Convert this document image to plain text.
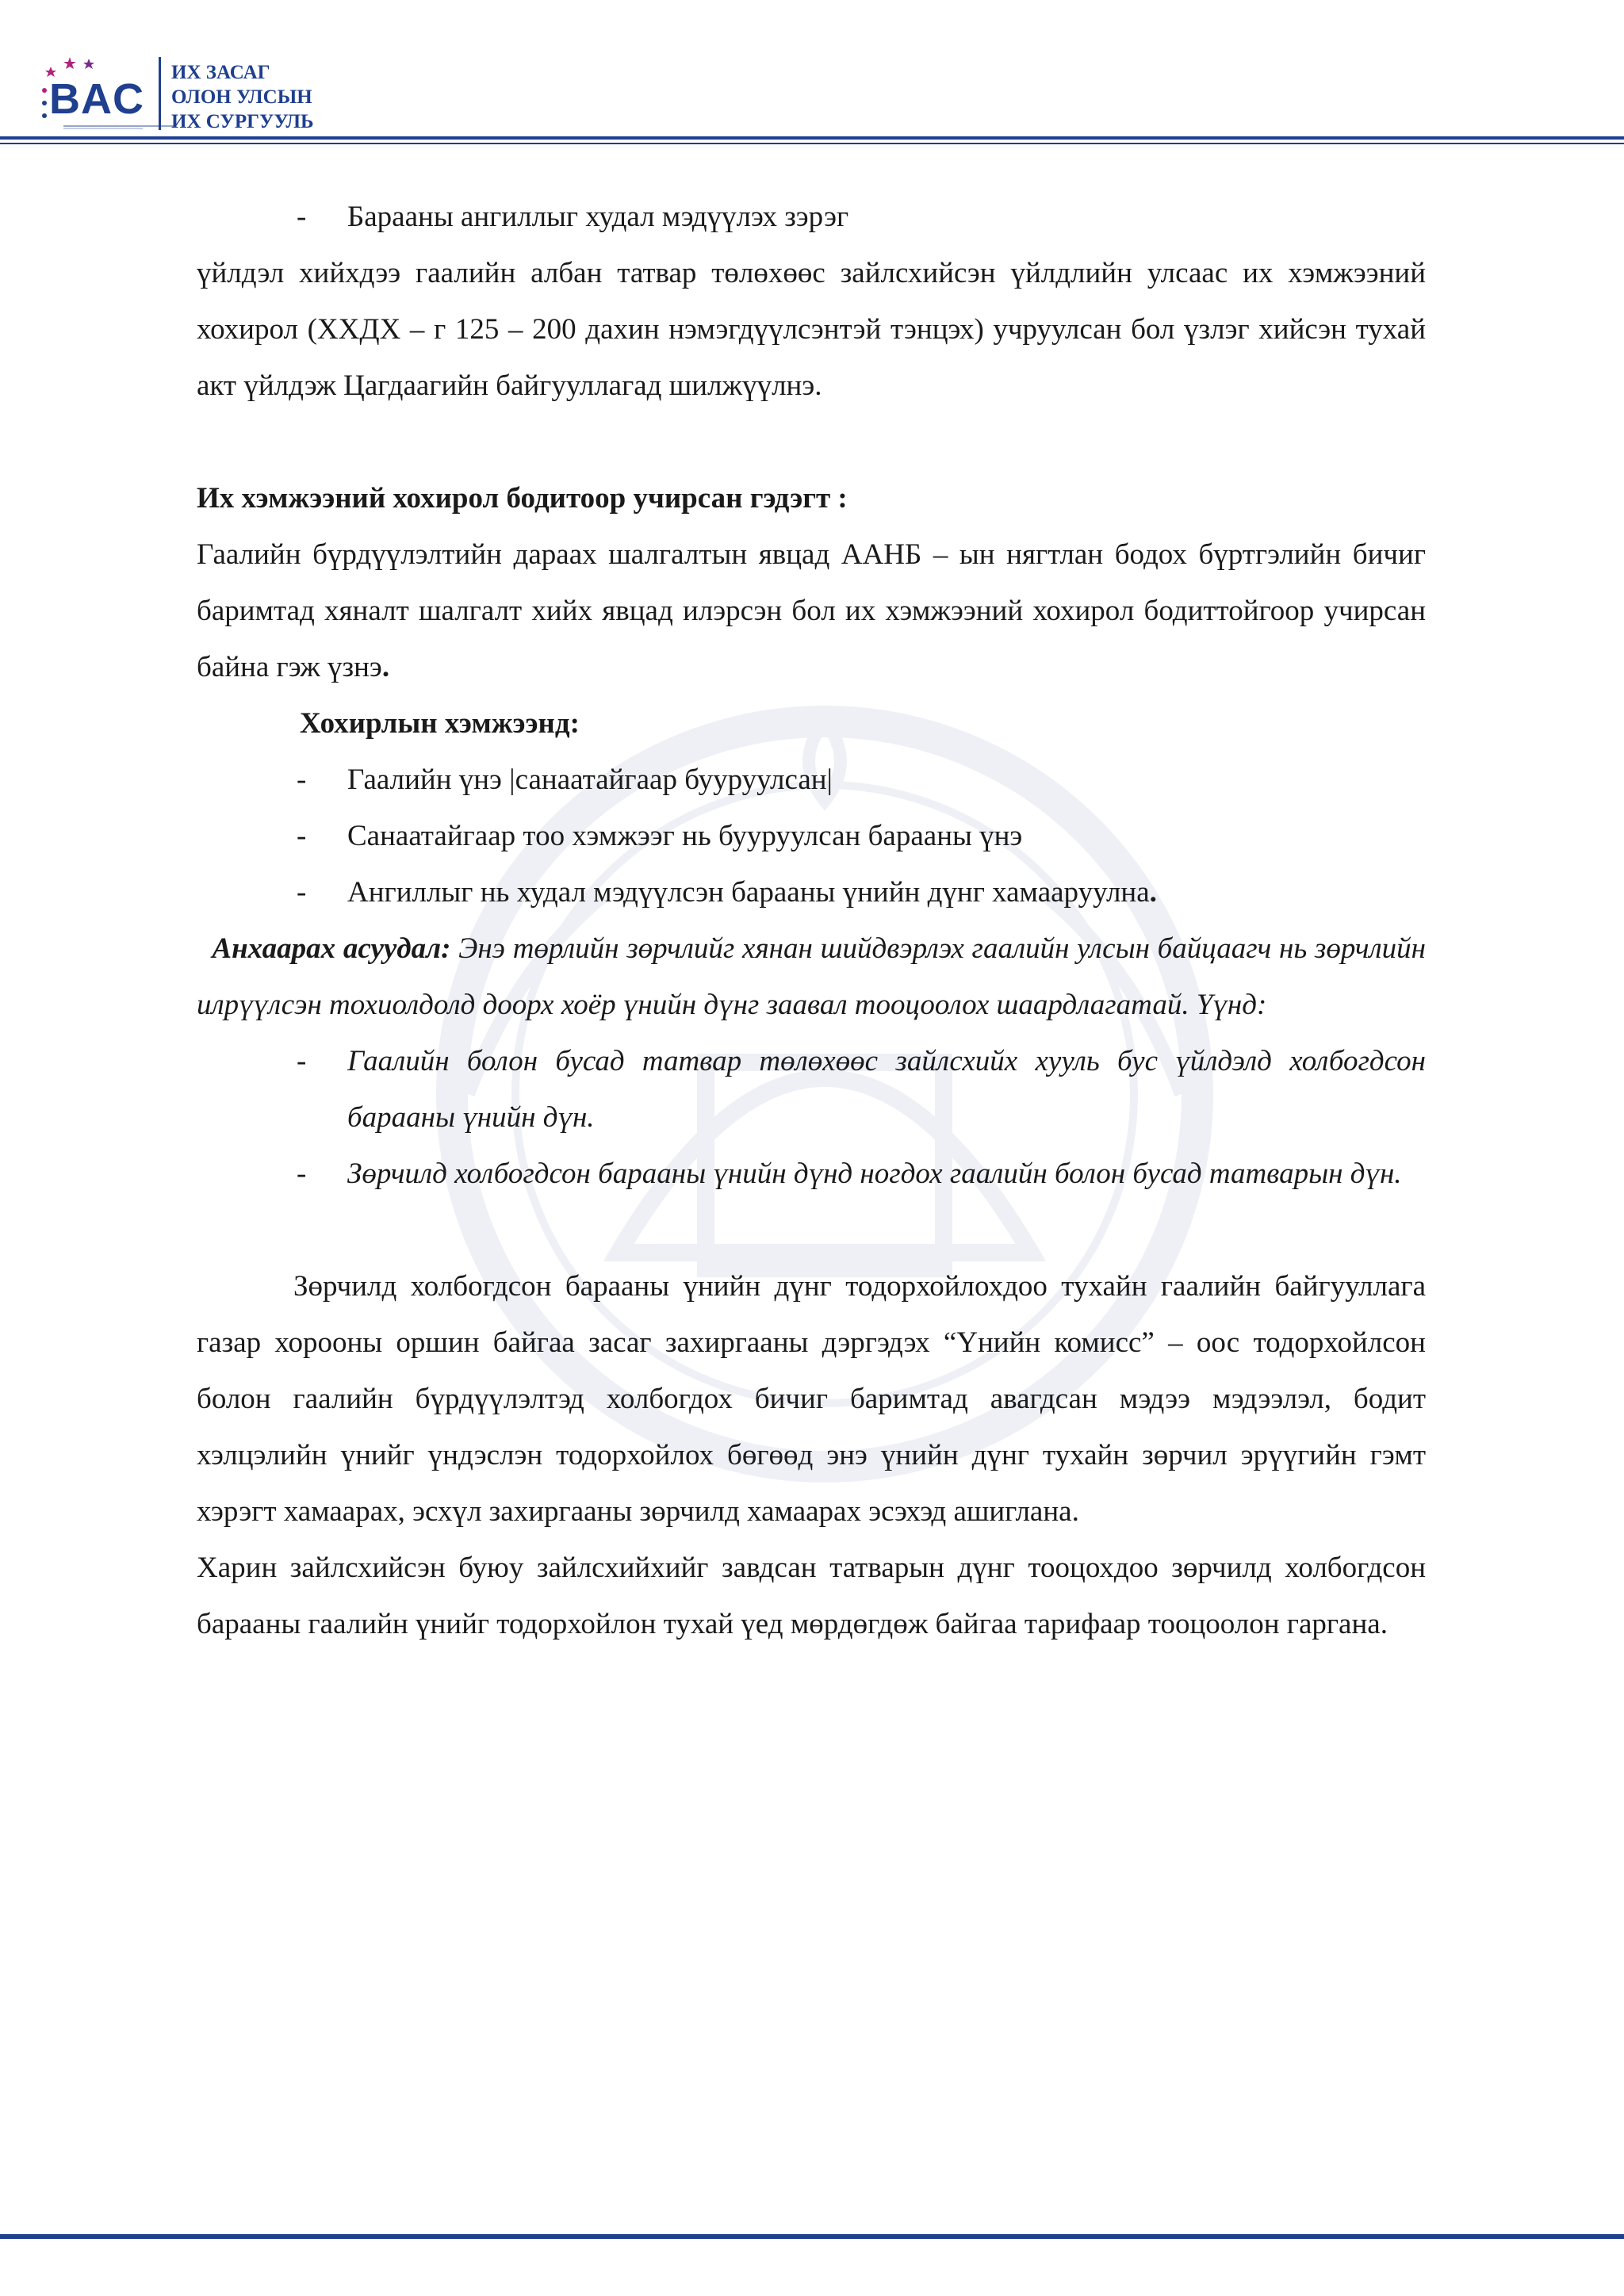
BAC
ИХ ЗАСАГ
ОЛОН УЛСЫН
ИХ СУРГУУЛЬ

- Барааны ангиллыг худал мэдүүлэх зэрэг

үйлдэл хийхдээ гаалийн албан татвар төлөхөөс зайлсхийсэн үйлдлийн улсаас их хэмжээний хохирол (ХХДХ – г 125 – 200 дахин нэмэгдүүлсэнтэй тэнцэх) учруулсан бол үзлэг хийсэн тухай акт үйлдэж Цагдаагийн байгууллагад шилжүүлнэ.

Их хэмжээний хохирол бодитоор учирсан гэдэгт :

Гаалийн бүрдүүлэлтийн дараах шалгалтын явцад ААНБ – ын нягтлан бодох бүртгэлийн бичиг баримтад хяналт шалгалт хийх явцад илэрсэн бол их хэмжээний хохирол бодиттойгоор учирсан байна гэж үзнэ.

Хохирлын хэмжээнд:

- Гаалийн үнэ |санаатайгаар бууруулсан|

- Санаатайгаар тоо хэмжээг нь бууруулсан барааны үнэ

- Ангиллыг нь худал мэдүүлсэн барааны үнийн дүнг хамааруулна.

Анхаарах асуудал: Энэ төрлийн зөрчлийг хянан шийдвэрлэх гаалийн улсын байцаагч нь зөрчлийн илрүүлсэн тохиолдолд доорх хоёр үнийн дүнг заавал тооцоолох шаардлагатай. Үүнд:

- Гаалийн болон бусад татвар төлөхөөс зайлсхийх хууль бус үйлдэлд холбогдсон барааны үнийн дүн.

- Зөрчилд холбогдсон барааны үнийн дүнд ногдох гаалийн болон бусад татварын дүн.

Зөрчилд холбогдсон барааны үнийн дүнг тодорхойлохдоо тухайн гаалийн байгууллага газар хорооны оршин байгаа засаг захиргааны дэргэдэх “Үнийн комисс” – оос тодорхойлсон болон гаалийн бүрдүүлэлтэд холбогдох бичиг баримтад авагдсан мэдээ мэдээлэл, бодит хэлцэлийн үнийг үндэслэн тодорхойлох бөгөөд энэ үнийн дүнг тухайн зөрчил эрүүгийн гэмт хэрэгт хамаарах, эсхүл захиргааны зөрчилд хамаарах эсэхэд ашиглана.

Харин зайлсхийсэн буюу зайлсхийхийг завдсан татварын дүнг тооцохдоо зөрчилд холбогдсон барааны гаалийн үнийг тодорхойлон тухай үед мөрдөгдөж байгаа тарифаар тооцоолон гаргана.
